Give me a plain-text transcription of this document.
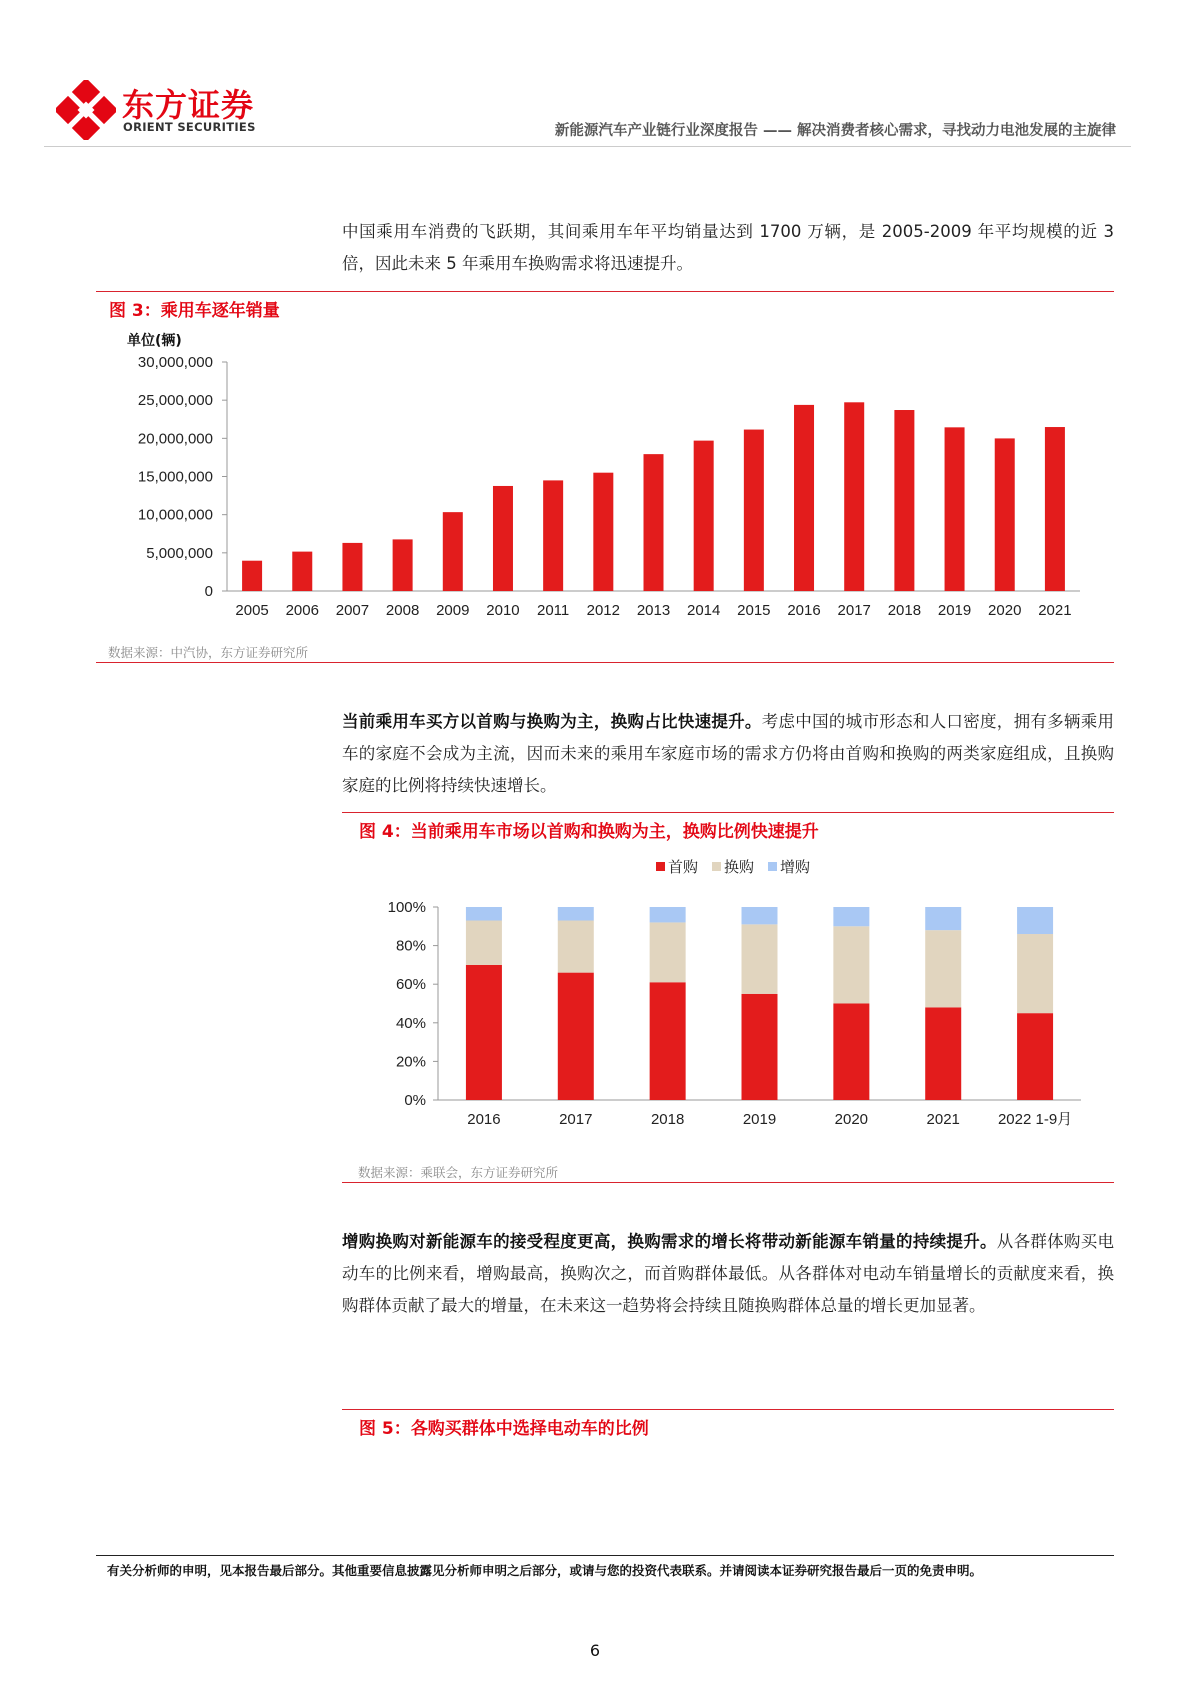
东方证券
ORIENT SECURITIES	新能源汽车产业链行业深度报告 —— 解决消费者核心需求，寻找动力电池发展的主旋律
中国乘用车消费的飞跃期，其间乘用车年平均销量达到 1700 万辆，是 2005-2009 年平均规模的近 3 倍，因此未来 5 年乘用车换购需求将迅速提升。
图 3：乘用车逐年销量
单位(辆)
0
5,000,000
10,000,000
15,000,000
20,000,000
25,000,000
30,000,000
2005 2006 2007 2008 2009 2010 2011 2012 2013 2014 2015 2016 2017 2018 2019 2020 2021
数据来源：中汽协，东方证券研究所
当前乘用车买方以首购与换购为主，换购占比快速提升。考虑中国的城市形态和人口密度，拥有多辆乘用车的家庭不会成为主流，因而未来的乘用车家庭市场的需求方仍将由首购和换购的两类家庭组成，且换购家庭的比例将持续快速增长。
图 4：当前乘用车市场以首购和换购为主，换购比例快速提升
0%
20%
40%
60%
80%
100%
2016	2017	2018	2019	2020	2021	2022 1-9月
首购 换购 增购
数据来源：乘联会，东方证券研究所
增购换购对新能源车的接受程度更高，换购需求的增长将带动新能源车销量的持续提升。从各群体购买电动车的比例来看，增购最高，换购次之，而首购群体最低。从各群体对电动车销量增长的贡献度来看，换购群体贡献了最大的增量，在未来这一趋势将会持续且随换购群体总量的增长更加显著。
图 5：各购买群体中选择电动车的比例
有关分析师的申明，见本报告最后部分。其他重要信息披露见分析师申明之后部分，或请与您的投资代表联系。并请阅读本证券研究报告最后一页的免责申明。
6
